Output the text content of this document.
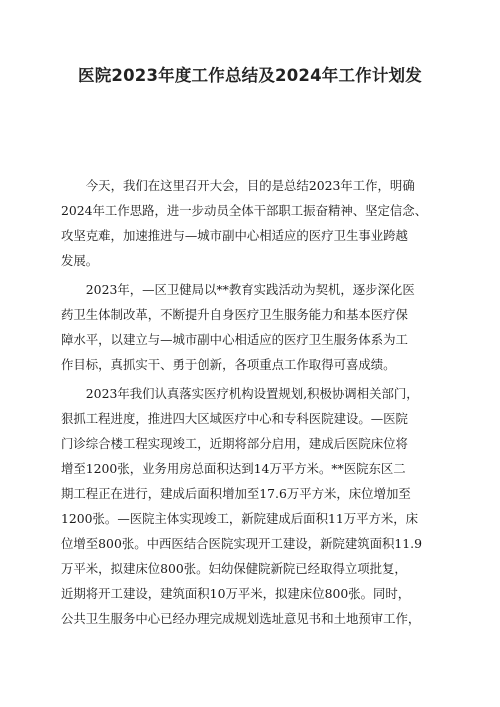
医院2023年度工作总结及2024年工作计划发
今天，我们在这里召开大会，目的是总结2023年工作，明确
2024年工作思路，进一步动员全体干部职工振奋精神、坚定信念、
攻坚克难，加速推进与—城市副中心相适应的医疗卫生事业跨越
发展。
2023年，—区卫健局以**教育实践活动为契机，逐步深化医
药卫生体制改革，不断提升自身医疗卫生服务能力和基本医疗保
障水平，以建立与—城市副中心相适应的医疗卫生服务体系为工
作目标，真抓实干、勇于创新，各项重点工作取得可喜成绩。
2023年我们认真落实医疗机构设置规划,积极协调相关部门，
狠抓工程进度，推进四大区域医疗中心和专科医院建设。—医院
门诊综合楼工程实现竣工，近期将部分启用，建成后医院床位将
增至1200张，业务用房总面积达到14万平方米。**医院东区二
期工程正在进行，建成后面积增加至17.6万平方米，床位增加至
1200张。—医院主体实现竣工，新院建成后面积11万平方米，床
位增至800张。中西医结合医院实现开工建设，新院建筑面积11.9
万平米，拟建床位800张。妇幼保健院新院已经取得立项批复，
近期将开工建设，建筑面积10万平米，拟建床位800张。同时，
公共卫生服务中心已经办理完成规划选址意见书和土地预审工作，
